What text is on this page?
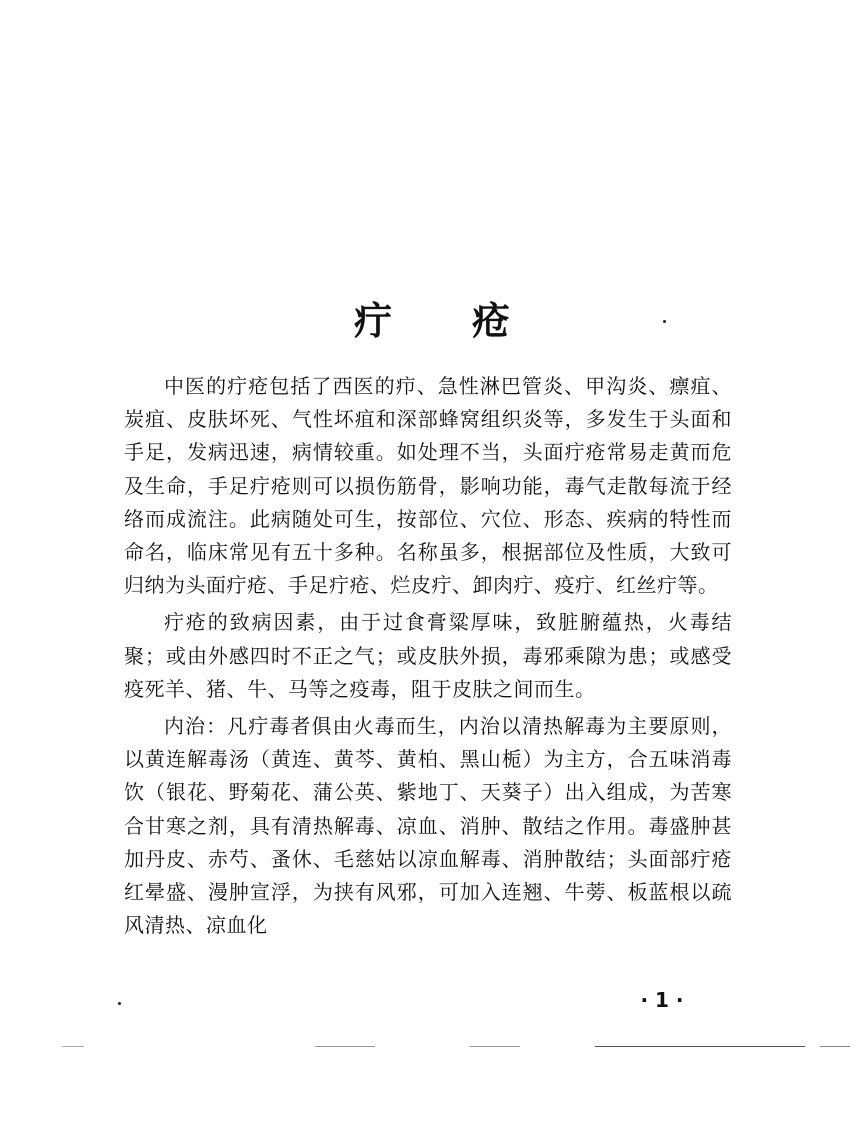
疔 疮

中医的疔疮包括了西医的疖、急性淋巴管炎、甲沟炎、瘭疽、炭疽、皮肤坏死、气性坏疽和深部蜂窝组织炎等，多发生于头面和手足，发病迅速，病情较重。如处理不当，头面疔疮常易走黄而危及生命，手足疔疮则可以损伤筋骨，影响功能，毒气走散每流于经络而成流注。此病随处可生，按部位、穴位、形态、疾病的特性而命名，临床常见有五十多种。名称虽多，根据部位及性质，大致可归纳为头面疔疮、手足疔疮、烂皮疔、卸肉疔、疫疔、红丝疔等。

疔疮的致病因素，由于过食膏粱厚味，致脏腑蕴热，火毒结聚；或由外感四时不正之气；或皮肤外损，毒邪乘隙为患；或感受疫死羊、猪、牛、马等之疫毒，阻于皮肤之间而生。

内治：凡疔毒者俱由火毒而生，内治以清热解毒为主要原则，以黄连解毒汤（黄连、黄芩、黄柏、黑山栀）为主方，合五味消毒饮（银花、野菊花、蒲公英、紫地丁、天葵子）出入组成，为苦寒合甘寒之剂，具有清热解毒、凉血、消肿、散结之作用。毒盛肿甚加丹皮、赤芍、蚤休、毛慈姑以凉血解毒、消肿散结；头面部疔疮红晕盛、漫肿宣浮，为挟有风邪，可加入连翘、牛蒡、板蓝根以疏风清热、凉血化

· 1 ·
